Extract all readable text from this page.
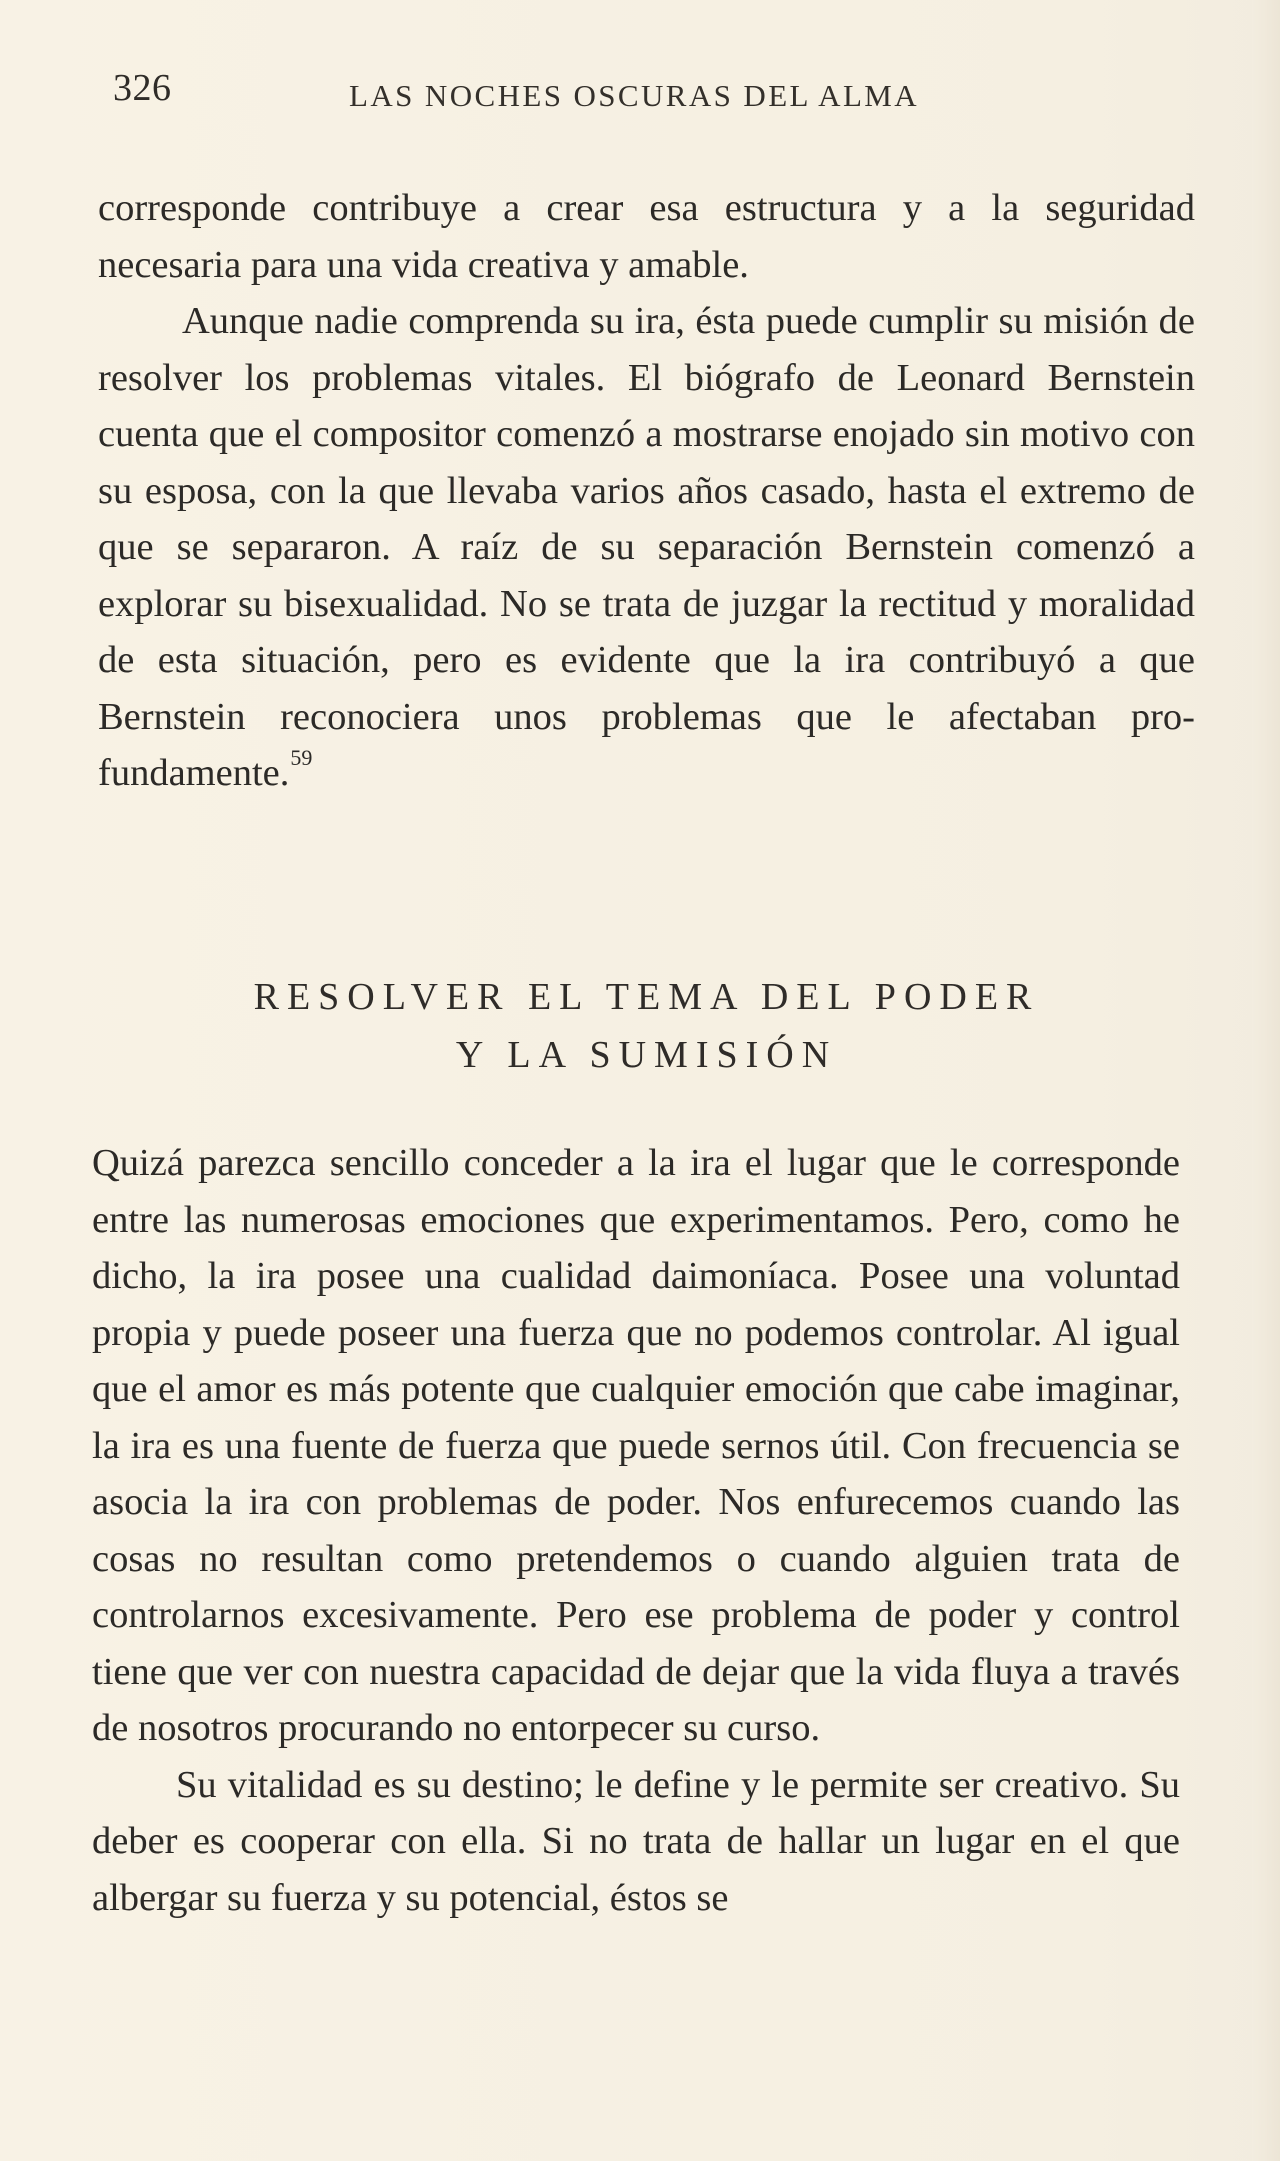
326	LAS NOCHES OSCURAS DEL ALMA

corresponde contribuye a crear esa estructura y a la seguridad necesaria para una vida creativa y amable.

Aunque nadie comprenda su ira, ésta puede cumplir su misión de resolver los problemas vitales. El biógrafo de Leonard Bernstein cuenta que el compositor comenzó a mostrarse enojado sin motivo con su esposa, con la que llevaba varios años casado, hasta el extremo de que se separaron. A raíz de su separación Bernstein comenzó a explorar su bisexualidad. No se trata de juzgar la rectitud y moralidad de esta situación, pero es evidente que la ira contribuyó a que Bernstein reconociera unos problemas que le afectaban profundamente.$^{59}$

RESOLVER EL TEMA DEL PODER
Y LA SUMISIÓN

Quizá parezca sencillo conceder a la ira el lugar que le corresponde entre las numerosas emociones que experimentamos. Pero, como he dicho, la ira posee una cualidad daimoníaca. Posee una voluntad propia y puede poseer una fuerza que no podemos controlar. Al igual que el amor es más potente que cualquier emoción que cabe imaginar, la ira es una fuente de fuerza que puede sernos útil. Con frecuencia se asocia la ira con problemas de poder. Nos enfurecemos cuando las cosas no resultan como pretendemos o cuando alguien trata de controlarnos excesivamente. Pero ese problema de poder y control tiene que ver con nuestra capacidad de dejar que la vida fluya a través de nosotros procurando no entorpecer su curso.

Su vitalidad es su destino; le define y le permite ser creativo. Su deber es cooperar con ella. Si no trata de hallar un lugar en el que albergar su fuerza y su potencial, éstos se
